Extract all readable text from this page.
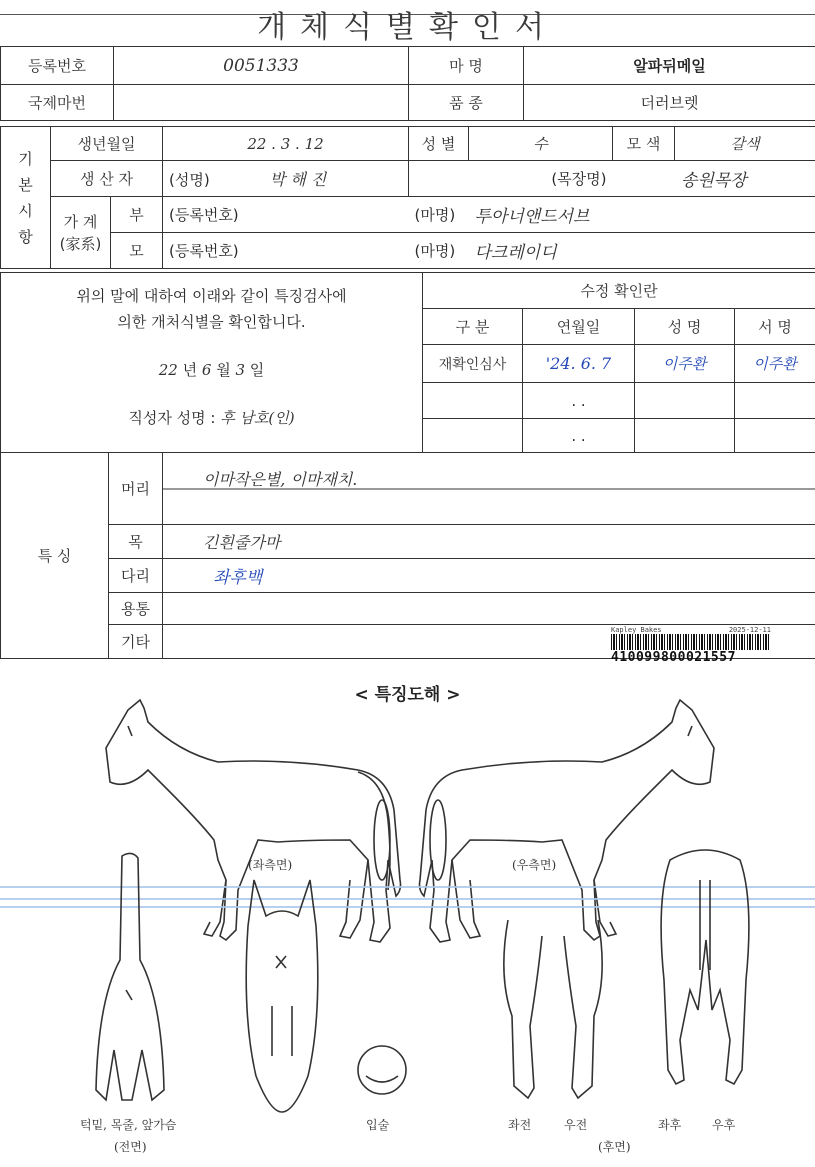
개체식별확인서
등록번호	0051333	마 명	알파뒤메일
국제마번		품 종	더러브렛
기
본
시
항	생년월일		22 . 3 . 12	성 별	수	모 색	갈색
	생 산 자		(성명) 박 해 진	(목장명)		송원목장	
	가 계
(家系)	부	(등록번호)	(마명)	투아너앤드서브		
		모	(등록번호)	(마명)	다크레이디		
위의 말에 대하여 이래와 같이 특징검사에
의한 개처식별을 확인합니다.
22 년 6 월 3 일
직성자 성명 : 후 남호(인)	수정 확인란			
	구 분	연월일	성 명	서 명
	재확인심사	'24. 6. 7	이주환	이주환
		. .		
		. .		
특 싱	머리	이마작은별, 이마재치.
	목	긴흰줄가마
	다리	좌후백
	용통	
	기타	
Kapley Bakes	2025-12-11
410099800021557
< 특징도해 >
(좌측면)	(우측면)
턱밑, 목줄, 앞가슴
(전면)
입술	좌전	우전	좌후	우후
(후면)
